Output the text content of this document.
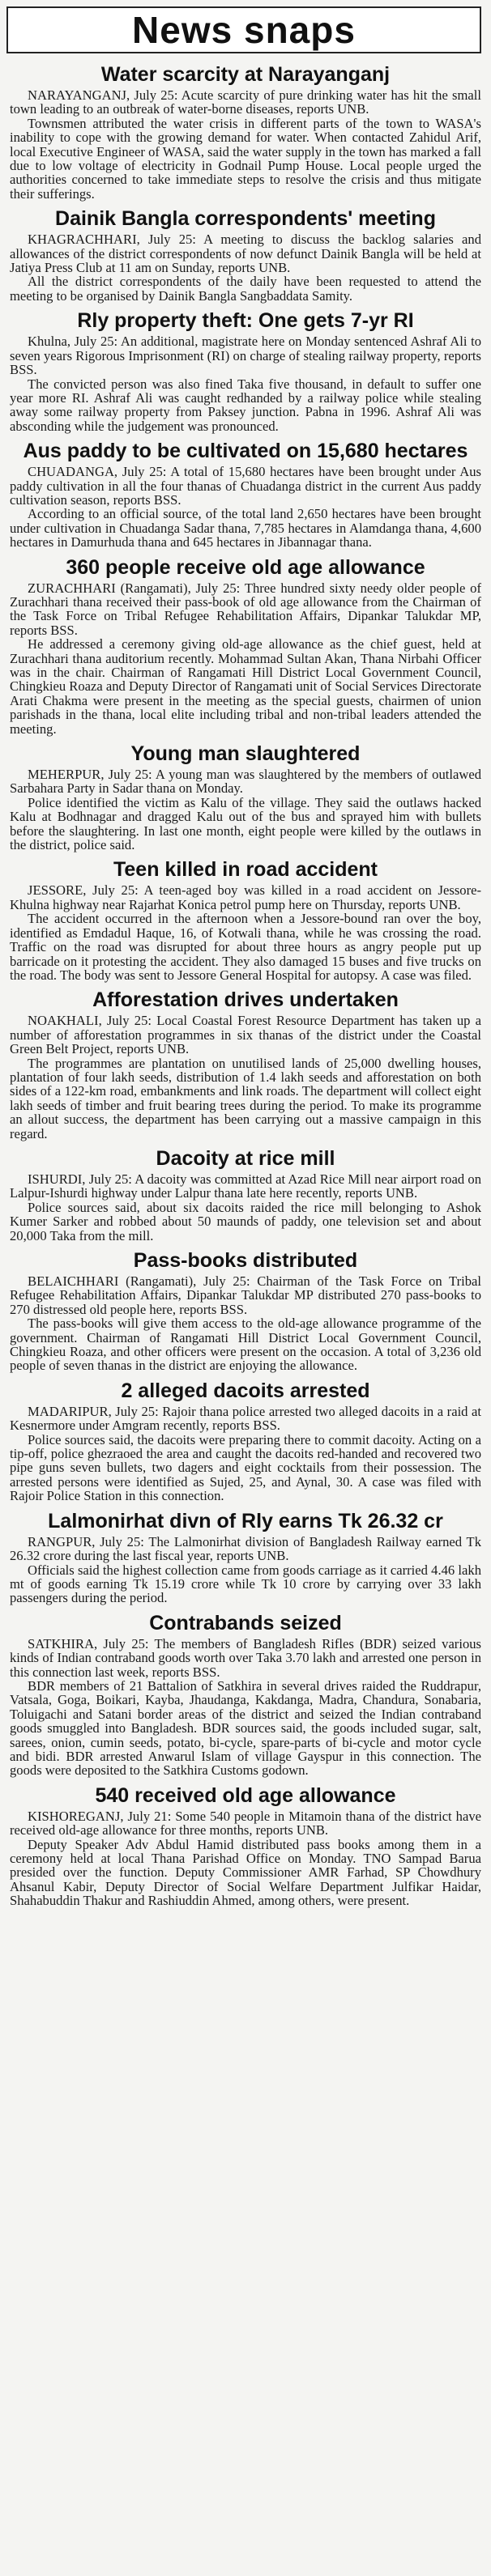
News snaps
Water scarcity at Narayanganj

NARAYANGANJ, July 25: Acute scarcity of pure drinking water has hit the small town leading to an outbreak of water-borne diseases, reports UNB.

Townsmen attributed the water crisis in different parts of the town to WASA's inability to cope with the growing demand for water. When contacted Zahidul Arif, local Executive Engineer of WASA, said the water supply in the town has marked a fall due to low voltage of electricity in Godnail Pump House. Local people urged the authorities concerned to take immediate steps to resolve the crisis and thus mitigate their sufferings.

Dainik Bangla correspondents' meeting

KHAGRACHHARI, July 25: A meeting to discuss the backlog salaries and allowances of the district correspondents of now defunct Dainik Bangla will be held at Jatiya Press Club at 11 am on Sunday, reports UNB.

All the district correspondents of the daily have been requested to attend the meeting to be organised by Dainik Bangla Sangbaddata Samity.

Rly property theft: One gets 7-yr RI

Khulna, July 25: An additional, magistrate here on Monday sentenced Ashraf Ali to seven years Rigorous Imprisonment (RI) on charge of stealing railway property, reports BSS.

The convicted person was also fined Taka five thousand, in default to suffer one year more RI. Ashraf Ali was caught redhanded by a railway police while stealing away some railway property from Paksey junction. Pabna in 1996. Ashraf Ali was absconding while the judgement was pronounced.

Aus paddy to be cultivated on 15,680 hectares

CHUADANGA, July 25: A total of 15,680 hectares have been brought under Aus paddy cultivation in all the four thanas of Chuadanga district in the current Aus paddy cultivation season, reports BSS.

According to an official source, of the total land 2,650 hectares have been brought under cultivation in Chuadanga Sadar thana, 7,785 hectares in Alamdanga thana, 4,600 hectares in Damurhuda thana and 645 hectares in Jibannagar thana.

360 people receive old age allowance

ZURACHHARI (Rangamati), July 25: Three hundred sixty needy older people of Zurachhari thana received their pass-book of old age allowance from the Chairman of the Task Force on Tribal Refugee Rehabilitation Affairs, Dipankar Talukdar MP, reports BSS.

He addressed a ceremony giving old-age allowance as the chief guest, held at Zurachhari thana auditorium recently. Mohammad Sultan Akan, Thana Nirbahi Officer was in the chair. Chairman of Rangamati Hill District Local Government Council, Chingkieu Roaza and Deputy Director of Rangamati unit of Social Services Directorate Arati Chakma were present in the meeting as the special guests, chairmen of union parishads in the thana, local elite including tribal and non-tribal leaders attended the meeting.

Young man slaughtered

MEHERPUR, July 25: A young man was slaughtered by the members of outlawed Sarbahara Party in Sadar thana on Monday.

Police identified the victim as Kalu of the village. They said the outlaws hacked Kalu at Bodhnagar and dragged Kalu out of the bus and sprayed him with bullets before the slaughtering. In last one month, eight people were killed by the outlaws in the district, police said.

Teen killed in road accident

JESSORE, July 25: A teen-aged boy was killed in a road accident on Jessore-Khulna highway near Rajarhat Konica petrol pump here on Thursday, reports UNB.

The accident occurred in the afternoon when a Jessore-bound ran over the boy, identified as Emdadul Haque, 16, of Kotwali thana, while he was crossing the road. Traffic on the road was disrupted for about three hours as angry people put up barricade on it protesting the accident. They also damaged 15 buses and five trucks on the road. The body was sent to Jessore General Hospital for autopsy. A case was filed.

Afforestation drives undertaken

NOAKHALI, July 25: Local Coastal Forest Resource Department has taken up a number of afforestation programmes in six thanas of the district under the Coastal Green Belt Project, reports UNB.

The programmes are plantation on unutilised lands of 25,000 dwelling houses, plantation of four lakh seeds, distribution of 1.4 lakh seeds and afforestation on both sides of a 122-km road, embankments and link roads. The department will collect eight lakh seeds of timber and fruit bearing trees during the period. To make its programme an allout success, the department has been carrying out a massive campaign in this regard.

Dacoity at rice mill

ISHURDI, July 25: A dacoity was committed at Azad Rice Mill near airport road on Lalpur-Ishurdi highway under Lalpur thana late here recently, reports UNB.

Police sources said, about six dacoits raided the rice mill belonging to Ashok Kumer Sarker and robbed about 50 maunds of paddy, one television set and about 20,000 Taka from the mill.

Pass-books distributed

BELAICHHARI (Rangamati), July 25: Chairman of the Task Force on Tribal Refugee Rehabilitation Affairs, Dipankar Talukdar MP distributed 270 pass-books to 270 distressed old people here, reports BSS.

The pass-books will give them access to the old-age allowance programme of the government. Chairman of Rangamati Hill District Local Government Council, Chingkieu Roaza, and other officers were present on the occasion. A total of 3,236 old people of seven thanas in the district are enjoying the allowance.

2 alleged dacoits arrested

MADARIPUR, July 25: Rajoir thana police arrested two alleged dacoits in a raid at Kesnermore under Amgram recently, reports BSS.

Police sources said, the dacoits were preparing there to commit dacoity. Acting on a tip-off, police ghezraoed the area and caught the dacoits red-handed and recovered two pipe guns seven bullets, two dagers and eight cocktails from their possession. The arrested persons were identified as Sujed, 25, and Aynal, 30. A case was filed with Rajoir Police Station in this connection.

Lalmonirhat divn of Rly earns Tk 26.32 cr

RANGPUR, July 25: The Lalmonirhat division of Bangladesh Railway earned Tk 26.32 crore during the last fiscal year, reports UNB.

Officials said the highest collection came from goods carriage as it carried 4.46 lakh mt of goods earning Tk 15.19 crore while Tk 10 crore by carrying over 33 lakh passengers during the period.

Contrabands seized

SATKHIRA, July 25: The members of Bangladesh Rifles (BDR) seized various kinds of Indian contraband goods worth over Taka 3.70 lakh and arrested one person in this connection last week, reports BSS.

BDR members of 21 Battalion of Satkhira in several drives raided the Ruddrapur, Vatsala, Goga, Boikari, Kayba, Jhaudanga, Kakdanga, Madra, Chandura, Sonabaria, Toluigachi and Satani border areas of the district and seized the Indian contraband goods smuggled into Bangladesh. BDR sources said, the goods included sugar, salt, sarees, onion, cumin seeds, potato, bi-cycle, spare-parts of bi-cycle and motor cycle and bidi. BDR arrested Anwarul Islam of village Gayspur in this connection. The goods were deposited to the Satkhira Customs godown.

540 received old age allowance

KISHOREGANJ, July 21: Some 540 people in Mitamoin thana of the district have received old-age allowance for three months, reports UNB.

Deputy Speaker Adv Abdul Hamid distributed pass books among them in a ceremony held at local Thana Parishad Office on Monday. TNO Sampad Barua presided over the function. Deputy Commissioner AMR Farhad, SP Chowdhury Ahsanul Kabir, Deputy Director of Social Welfare Department Julfikar Haidar, Shahabuddin Thakur and Rashiuddin Ahmed, among others, were present.
